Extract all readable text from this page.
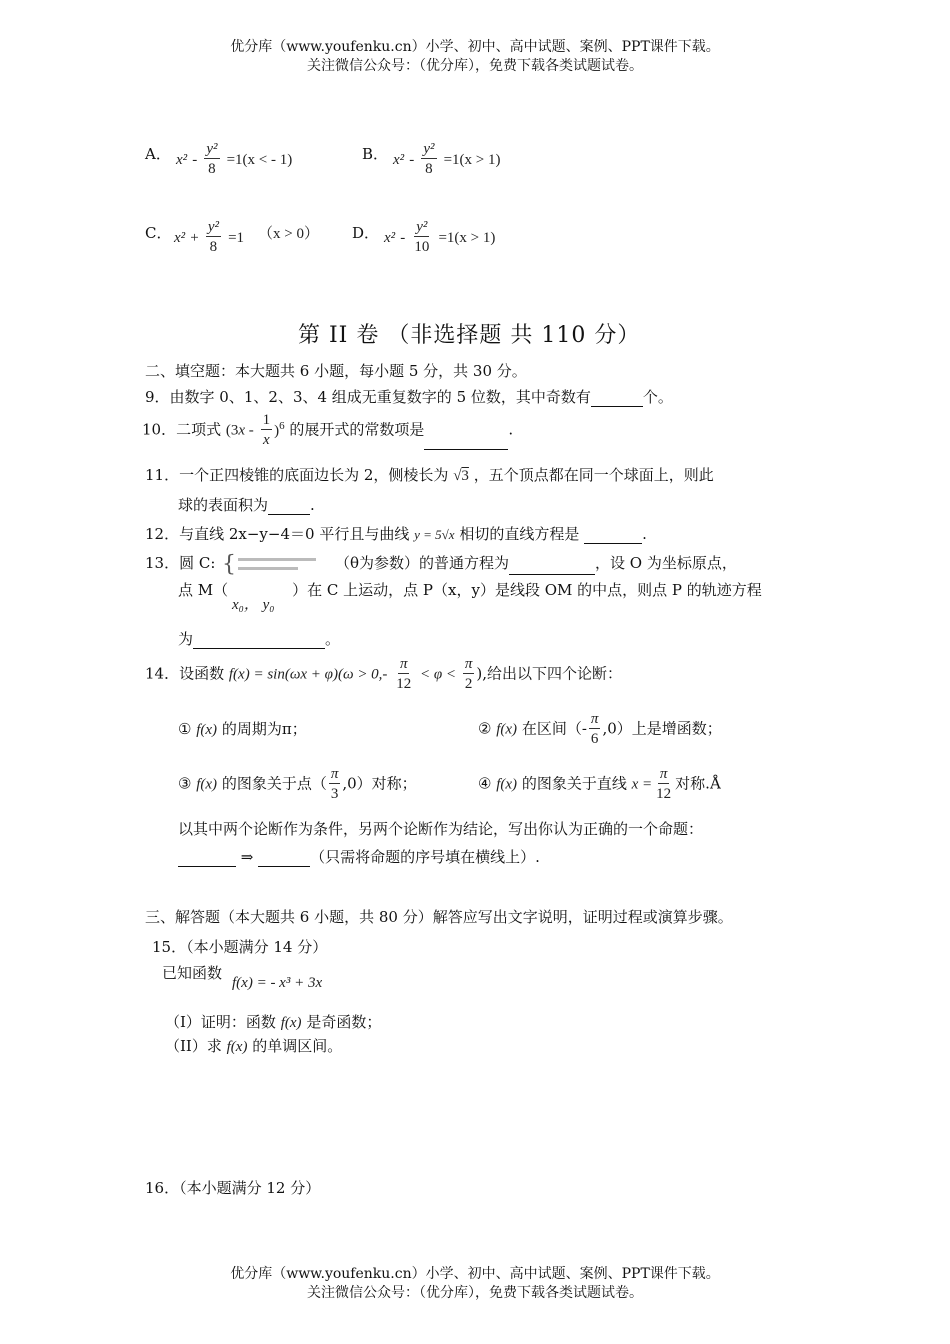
优分库（www.youfenku.cn）小学、初中、高中试题、案例、PPT课件下载。
关注微信公众号：（优分库），免费下载各类试题试卷。
A． $x^2 - \frac{\text{y²}}{8} =1(x$ < - 1)	B． $x^2 - \frac{\text{y²}}{8} =1(x > 1)$
C． $x^2 + \frac{\text{y²}}{8} =1$ （x > 0） D． $x^2 - \frac{\text{y²}}{10} =1(x > 1)$
第 II 卷 （非选择题 共 110 分）
二、填空题：本大题共 6 小题，每小题 5 分，共 30 分。
9．由数字 0、1、2、3、4 组成无重复数字的 5 位数，其中奇数有	个。
10．二项式 $(3x - \frac{1}{x} )^6$ 的展开式的常数项是	.
11．一个正四棱锥的底面边长为 2，侧棱长为 √3 ，五个顶点都在同一个球面上，则此
球的表面积为	.
12．与直线 2x−y−4＝0 平行且与曲线 y = 5√x 相切的直线方程是	.
13．圆 C: {	（θ为参数）的普通方程为	，设 O 为坐标原点，
点 M（	）在 C 上运动，点 P（x，y）是线段 OM 的中点，则点 P 的轨迹方程
x₀， y₀
为	。
14．设函数 $f(x) = \sin(\omega x + \varphi)(\omega > 0,- \frac{\pi}{12} < \varphi < \frac{\pi}{2}$ ),给出以下四个论断：
① f(x) 的周期为π；	② f(x) 在区间（- $\frac{\pi}{6} ,0$）上是增函数；
③ f(x) 的图象关于点（ $\frac{\pi}{3} ,0$）对称；	④ f(x) 的图象关于直线 $x = \frac{\pi}{12}$ 对称.Å
以其中两个论断作为条件，另两个论断作为结论，写出你认为正确的一个命题：
⇒	（只需将命题的序号填在横线上）.
三、解答题（本大题共 6 小题，共 80 分）解答应写出文字说明，证明过程或演算步骤。
15．（本小题满分 14 分）
已知函数
f(x) = - x³ + 3x
（I）证明：函数 f(x) 是奇函数；
（II）求 f(x) 的单调区间。
16．（本小题满分 12 分）
优分库（www.youfenku.cn）小学、初中、高中试题、案例、PPT课件下载。
关注微信公众号：（优分库），免费下载各类试题试卷。
